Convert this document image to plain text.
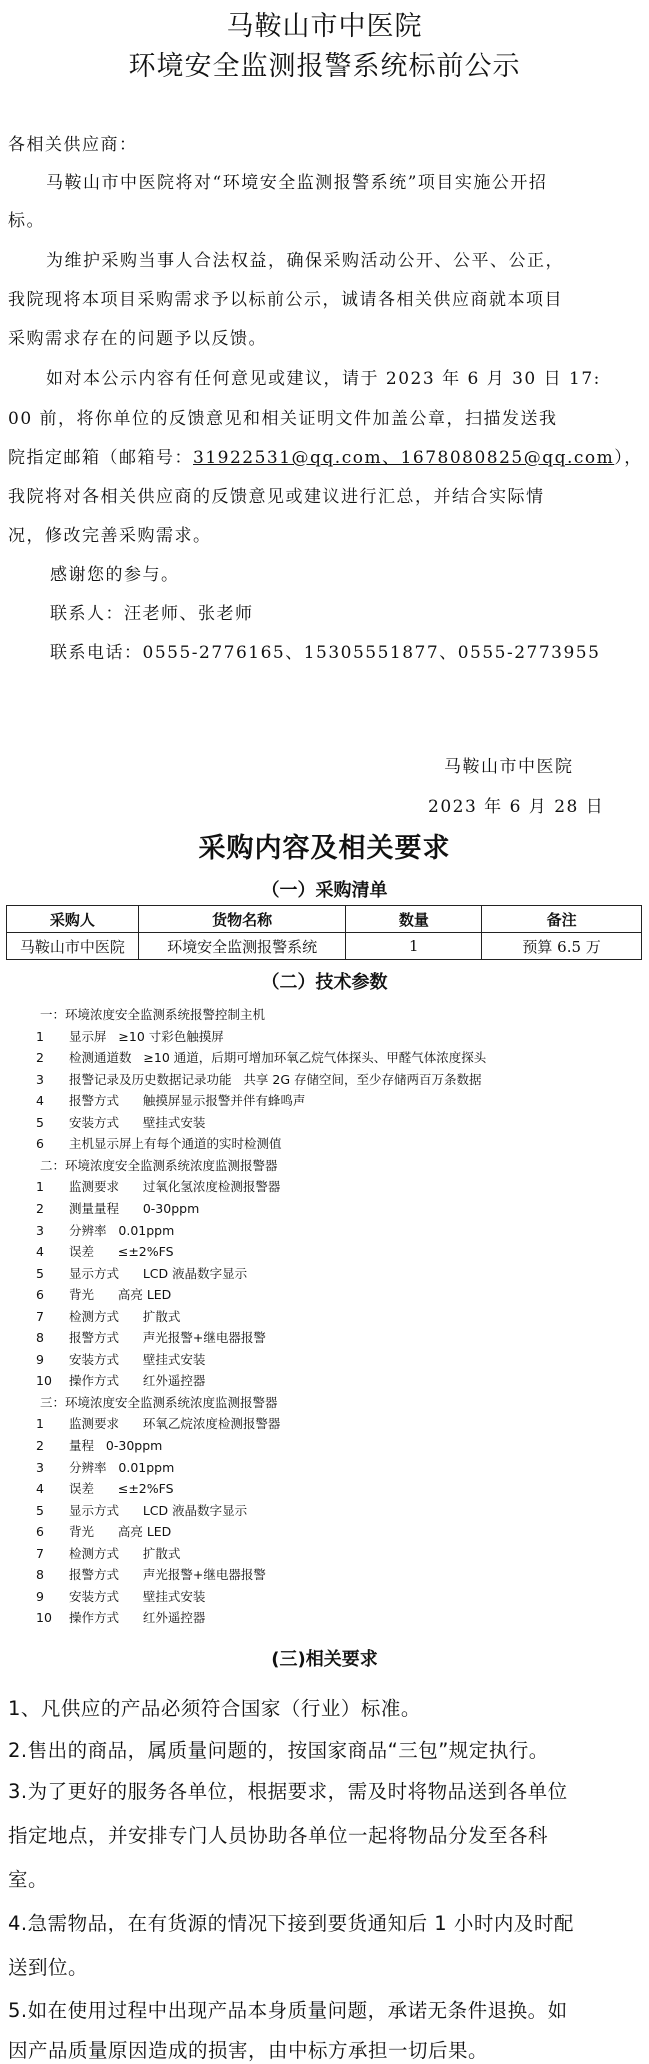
马鞍山市中医院
环境安全监测报警系统标前公示
各相关供应商：
马鞍山市中医院将对“环境安全监测报警系统”项目实施公开招
标。
为维护采购当事人合法权益，确保采购活动公开、公平、公正，
我院现将本项目采购需求予以标前公示，诚请各相关供应商就本项目
采购需求存在的问题予以反馈。
如对本公示内容有任何意见或建议，请于 2023 年 6 月 30 日 17:
00 前，将你单位的反馈意见和相关证明文件加盖公章，扫描发送我
院指定邮箱（邮箱号：31922531@qq.com、1678080825@qq.com），
我院将对各相关供应商的反馈意见或建议进行汇总，并结合实际情
况，修改完善采购需求。
感谢您的参与。
联系人：汪老师、张老师
联系电话：0555-2776165、15305551877、0555-2773955
马鞍山市中医院
2023 年 6 月 28 日
采购内容及相关要求
（一）采购清单
采购人	货物名称	数量	备注
马鞍山市中医院	环境安全监测报警系统	1	预算 6.5 万
（二）技术参数
一：环境浓度安全监测系统报警控制主机
1 显示屏   ≥10 寸彩色触摸屏
2 检测通道数   ≥10 通道，后期可增加环氧乙烷气体探头、甲醛气体浓度探头
3 报警记录及历史数据记录功能   共享 2G 存储空间，至少存储两百万条数据
4 报警方式      触摸屏显示报警并伴有蜂鸣声
5 安装方式      壁挂式安装
6 主机显示屏上有每个通道的实时检测值
二：环境浓度安全监测系统浓度监测报警器
1 监测要求      过氧化氢浓度检测报警器
2 测量量程      0-30ppm
3 分辨率   0.01ppm
4 误差      ≤±2%FS
5 显示方式      LCD 液晶数字显示
6 背光      高亮 LED
7 检测方式      扩散式
8 报警方式      声光报警+继电器报警
9 安装方式      壁挂式安装
10 操作方式      红外遥控器
三：环境浓度安全监测系统浓度监测报警器
1 监测要求      环氧乙烷浓度检测报警器
2 量程   0-30ppm
3 分辨率   0.01ppm
4 误差      ≤±2%FS
5 显示方式      LCD 液晶数字显示
6 背光      高亮 LED
7 检测方式      扩散式
8 报警方式      声光报警+继电器报警
9 安装方式      壁挂式安装
10 操作方式      红外遥控器
(三)相关要求
1、凡供应的产品必须符合国家（行业）标准。
2.售出的商品，属质量问题的，按国家商品“三包”规定执行。
3.为了更好的服务各单位，根据要求，需及时将物品送到各单位
指定地点，并安排专门人员协助各单位一起将物品分发至各科
室。
4.急需物品，在有货源的情况下接到要货通知后 1 小时内及时配
送到位。
5.如在使用过程中出现产品本身质量问题，承诺无条件退换。如
因产品质量原因造成的损害，由中标方承担一切后果。
